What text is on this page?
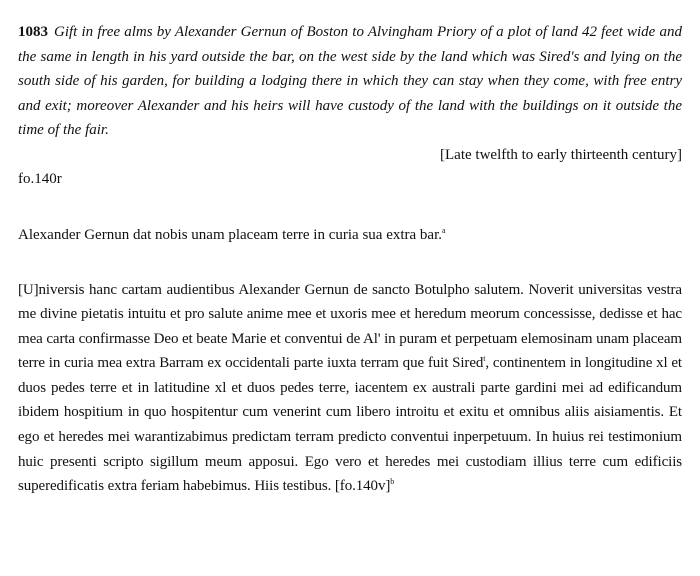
1083 Gift in free alms by Alexander Gernun of Boston to Alvingham Priory of a plot of land 42 feet wide and the same in length in his yard outside the bar, on the west side by the land which was Sired's and lying on the south side of his garden, for building a lodging there in which they can stay when they come, with free entry and exit; moreover Alexander and his heirs will have custody of the land with the buildings on it outside the time of the fair.

[Late twelfth to early thirteenth century]

fo.140r

Alexander Gernun dat nobis unam placeam terre in curia sua extra bar.$^a$

[U]niversis hanc cartam audientibus Alexander Gernun de sancto Botulpho salutem. Noverit universitas vestra me divine pietatis intuitu et pro salute anime mee et uxoris mee et heredum meorum concessisse, dedisse et hac mea carta confirmasse Deo et beate Marie et conventui de Al' in puram et perpetuam elemosinam unam placeam terre in curia mea extra Barram ex occidentali parte iuxta terram que fuit Sired$^t$, continentem in longitudine xl et duos pedes terre et in latitudine xl et duos pedes terre, iacentem ex australi parte gardini mei ad edificandum ibidem hospitium in quo hospitentur cum venerint cum libero introitu et exitu et omnibus aliis aisiamentis. Et ego et heredes mei warantizabimus predictam terram predicto conventui inperpetuum. In huius rei testimonium huic presenti scripto sigillum meum apposui. Ego vero et heredes mei custodiam illius terre cum edificiis superedificatis extra feriam habebimus. Hiis testibus. $[fo.140v]^b$
